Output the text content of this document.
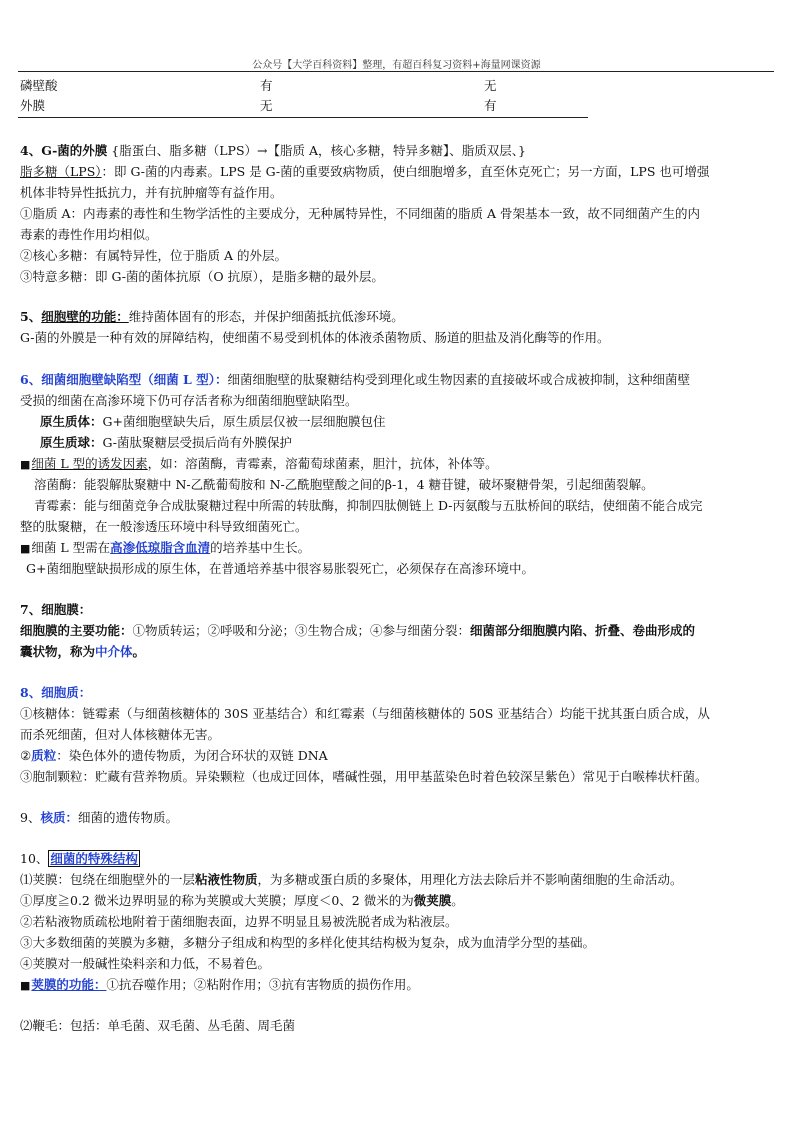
公众号【大学百科资料】整理，有超百科复习资料+海量网课资源
磷壁酸	有	无
外膜	无	有
4、G-菌的外膜 {脂蛋白、脂多糖（LPS）→【脂质 A，核心多糖，特异多糖】、脂质双层、}
脂多糖（LPS）：即 G-菌的内毒素。LPS 是 G-菌的重要致病物质，使白细胞增多，直至休克死亡；另一方面，LPS 也可增强
机体非特异性抵抗力，并有抗肿瘤等有益作用。
①脂质 A：内毒素的毒性和生物学活性的主要成分，无种属特异性，不同细菌的脂质 A 骨架基本一致，故不同细菌产生的内
毒素的毒性作用均相似。
②核心多糖：有属特异性，位于脂质 A 的外层。
③特意多糖：即 G-菌的菌体抗原（O 抗原），是脂多糖的最外层。
5、细胞壁的功能：维持菌体固有的形态，并保护细菌抵抗低渗环境。
G-菌的外膜是一种有效的屏障结构，使细菌不易受到机体的体液杀菌物质、肠道的胆盐及消化酶等的作用。
6、细菌细胞壁缺陷型（细菌 L 型）：细菌细胞壁的肽聚糖结构受到理化或生物因素的直接破坏或合成被抑制，这种细菌壁
受损的细菌在高渗环境下仍可存活者称为细菌细胞壁缺陷型。
原生质体：G+菌细胞壁缺失后，原生质层仅被一层细胞膜包住
原生质球：G-菌肽聚糖层受损后尚有外膜保护
■细菌 L 型的诱发因素，如：溶菌酶，青霉素，溶葡萄球菌素，胆汁，抗体，补体等。
溶菌酶：能裂解肽聚糖中 N-乙酰葡萄胺和 N-乙酰胞壁酸之间的β-1，4 糖苷键，破坏聚糖骨架，引起细菌裂解。
青霉素：能与细菌竞争合成肽聚糖过程中所需的转肽酶，抑制四肽侧链上 D-丙氨酸与五肽桥间的联结，使细菌不能合成完
整的肽聚糖，在一般渗透压环境中科导致细菌死亡。
■细菌 L 型需在高渗低琼脂含血清的培养基中生长。
G+菌细胞壁缺损形成的原生体，在普通培养基中很容易胀裂死亡，必须保存在高渗环境中。
7、细胞膜：
细胞膜的主要功能：①物质转运；②呼吸和分泌；③生物合成；④参与细菌分裂：细菌部分细胞膜内陷、折叠、卷曲形成的
囊状物，称为中介体。
8、细胞质：
①核糖体：链霉素（与细菌核糖体的 30S 亚基结合）和红霉素（与细菌核糖体的 50S 亚基结合）均能干扰其蛋白质合成，从
而杀死细菌，但对人体核糖体无害。
②质粒：染色体外的遗传物质，为闭合环状的双链 DNA
③胞制颗粒：贮藏有营养物质。异染颗粒（也成迂回体，嗜碱性强，用甲基蓝染色时着色较深呈紫色）常见于白喉棒状杆菌。
9、核质：细菌的遗传物质。
10、 细菌的特殊结构
⑴荚膜：包绕在细胞壁外的一层粘液性物质，为多糖或蛋白质的多聚体，用理化方法去除后并不影响菌细胞的生命活动。
①厚度≧0.2 微米边界明显的称为荚膜或大荚膜；厚度＜0、2 微米的为微荚膜。
②若粘液物质疏松地附着于菌细胞表面，边界不明显且易被洗脱者成为粘液层。
③大多数细菌的荚膜为多糖，多糖分子组成和构型的多样化使其结构极为复杂，成为血清学分型的基础。
④荚膜对一般碱性染料亲和力低，不易着色。
■荚膜的功能：①抗吞噬作用；②粘附作用；③抗有害物质的损伤作用。
⑵鞭毛：包括：单毛菌、双毛菌、丛毛菌、周毛菌
